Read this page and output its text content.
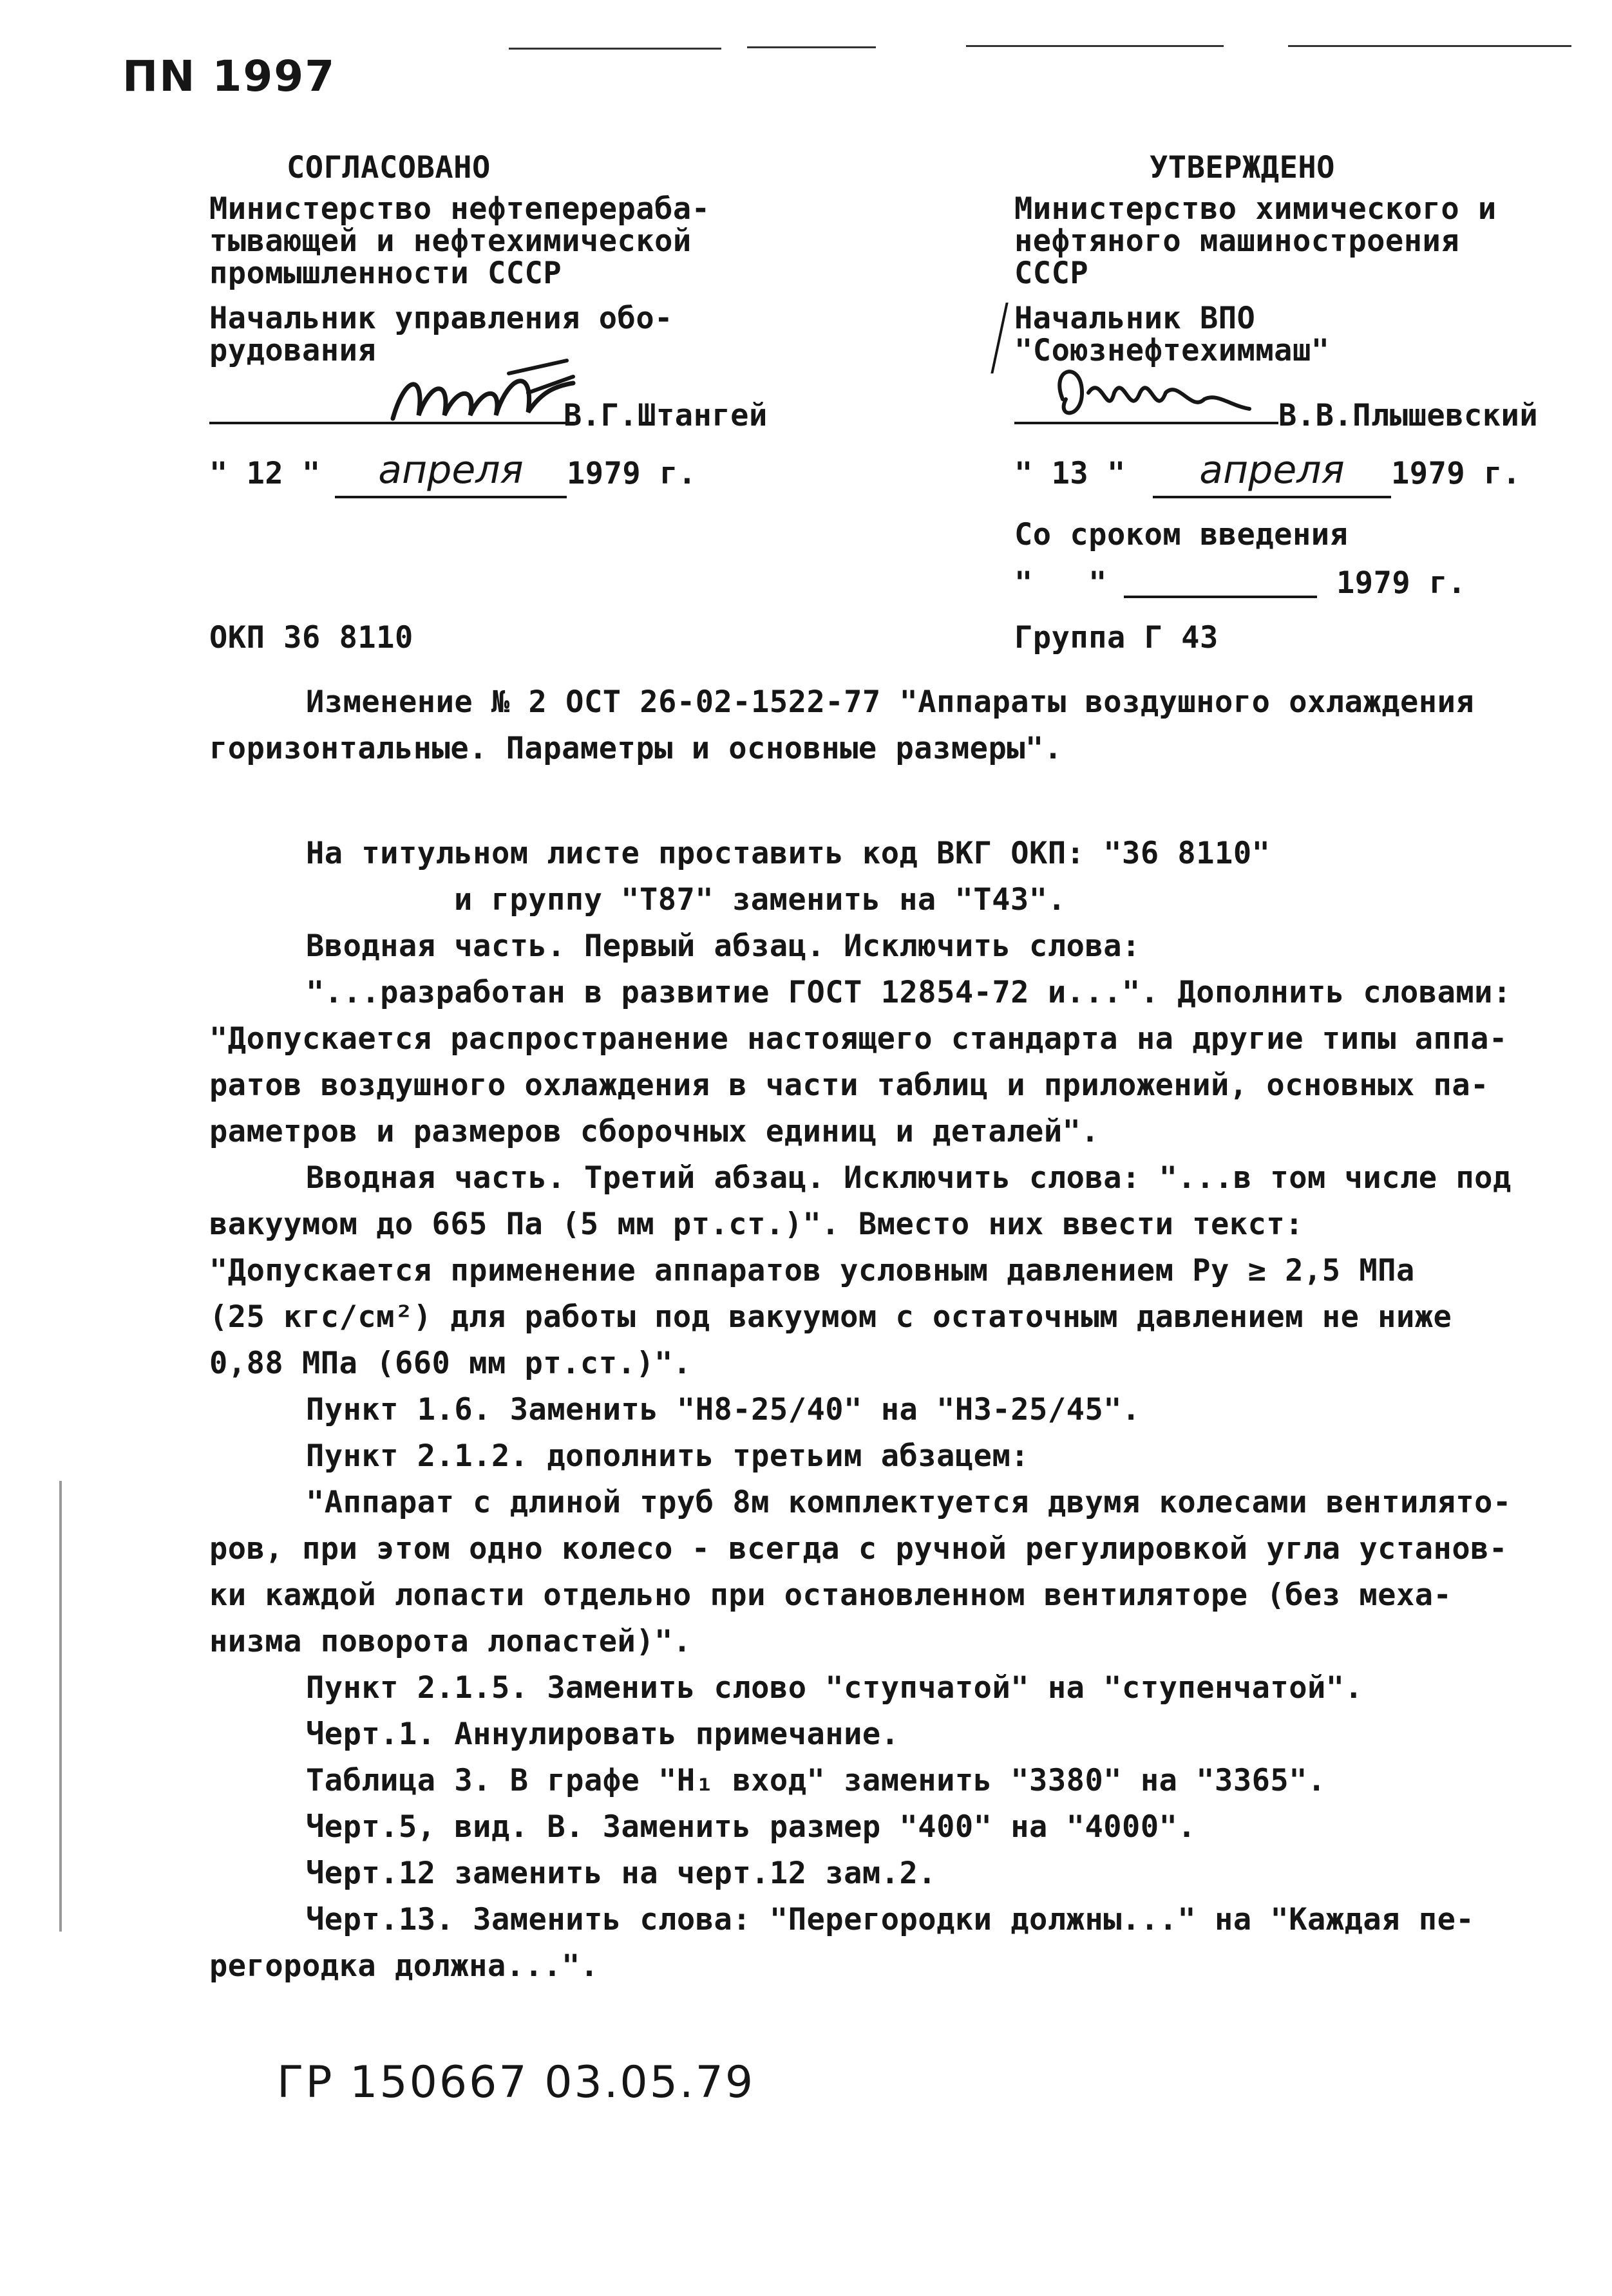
ΠΝ 1997
СОГЛАСОВАНО
Министерство нефтеперераба-
тывающей и нефтехимической
промышленности СССР
Начальник управления обо-
рудования
В.Г.Штангей
" 12 "	апреля	1979 г.
УТВЕРЖДЕНО
Министерство химического и
нефтяного машиностроения
СССР
Начальник ВПО
"Союзнефтехиммаш"
В.В.Плышевский
" 13 "	апреля	1979 г.
Со сроком введения
"   "	1979 г.
ОКП 36 8110	Группа Г 43
Изменение № 2 ОСТ 26-02-1522-77 "Аппараты воздушного охлаждения
горизонтальные. Параметры и основные размеры".
На титульном листе проставить код ВКГ ОКП: "36 8110"
и группу "Т87" заменить на "Т43".
Вводная часть. Первый абзац. Исключить слова:
"...разработан в развитие ГОСТ 12854-72 и...". Дополнить словами:
"Допускается распространение настоящего стандарта на другие типы аппа-
ратов воздушного охлаждения в части таблиц и приложений, основных па-
раметров и размеров сборочных единиц и деталей".
Вводная часть. Третий абзац. Исключить слова: "...в том числе под
вакуумом до 665 Па (5 мм рт.ст.)". Вместо них ввести текст:
"Допускается применение аппаратов условным давлением Ру ≥ 2,5 МПа
(25 кгс/см²) для работы под вакуумом с остаточным давлением не ниже
0,88 МПа (660 мм рт.ст.)".
Пункт 1.6. Заменить "Н8-25/40" на "Н3-25/45".
Пункт 2.1.2. дополнить третьим абзацем:
"Аппарат с длиной труб 8м комплектуется двумя колесами вентилято-
ров, при этом одно колесо - всегда с ручной регулировкой угла установ-
ки каждой лопасти отдельно при остановленном вентиляторе (без меха-
низма поворота лопастей)".
Пункт 2.1.5. Заменить слово "ступчатой" на "ступенчатой".
Черт.1. Аннулировать примечание.
Таблица 3. В графе "Н₁ вход" заменить "3380" на "3365".
Черт.5, вид. В. Заменить размер "400" на "4000".
Черт.12 заменить на черт.12 зам.2.
Черт.13. Заменить слова: "Перегородки должны..." на "Каждая пе-
регородка должна...".
ГР 150667 03.05.79
